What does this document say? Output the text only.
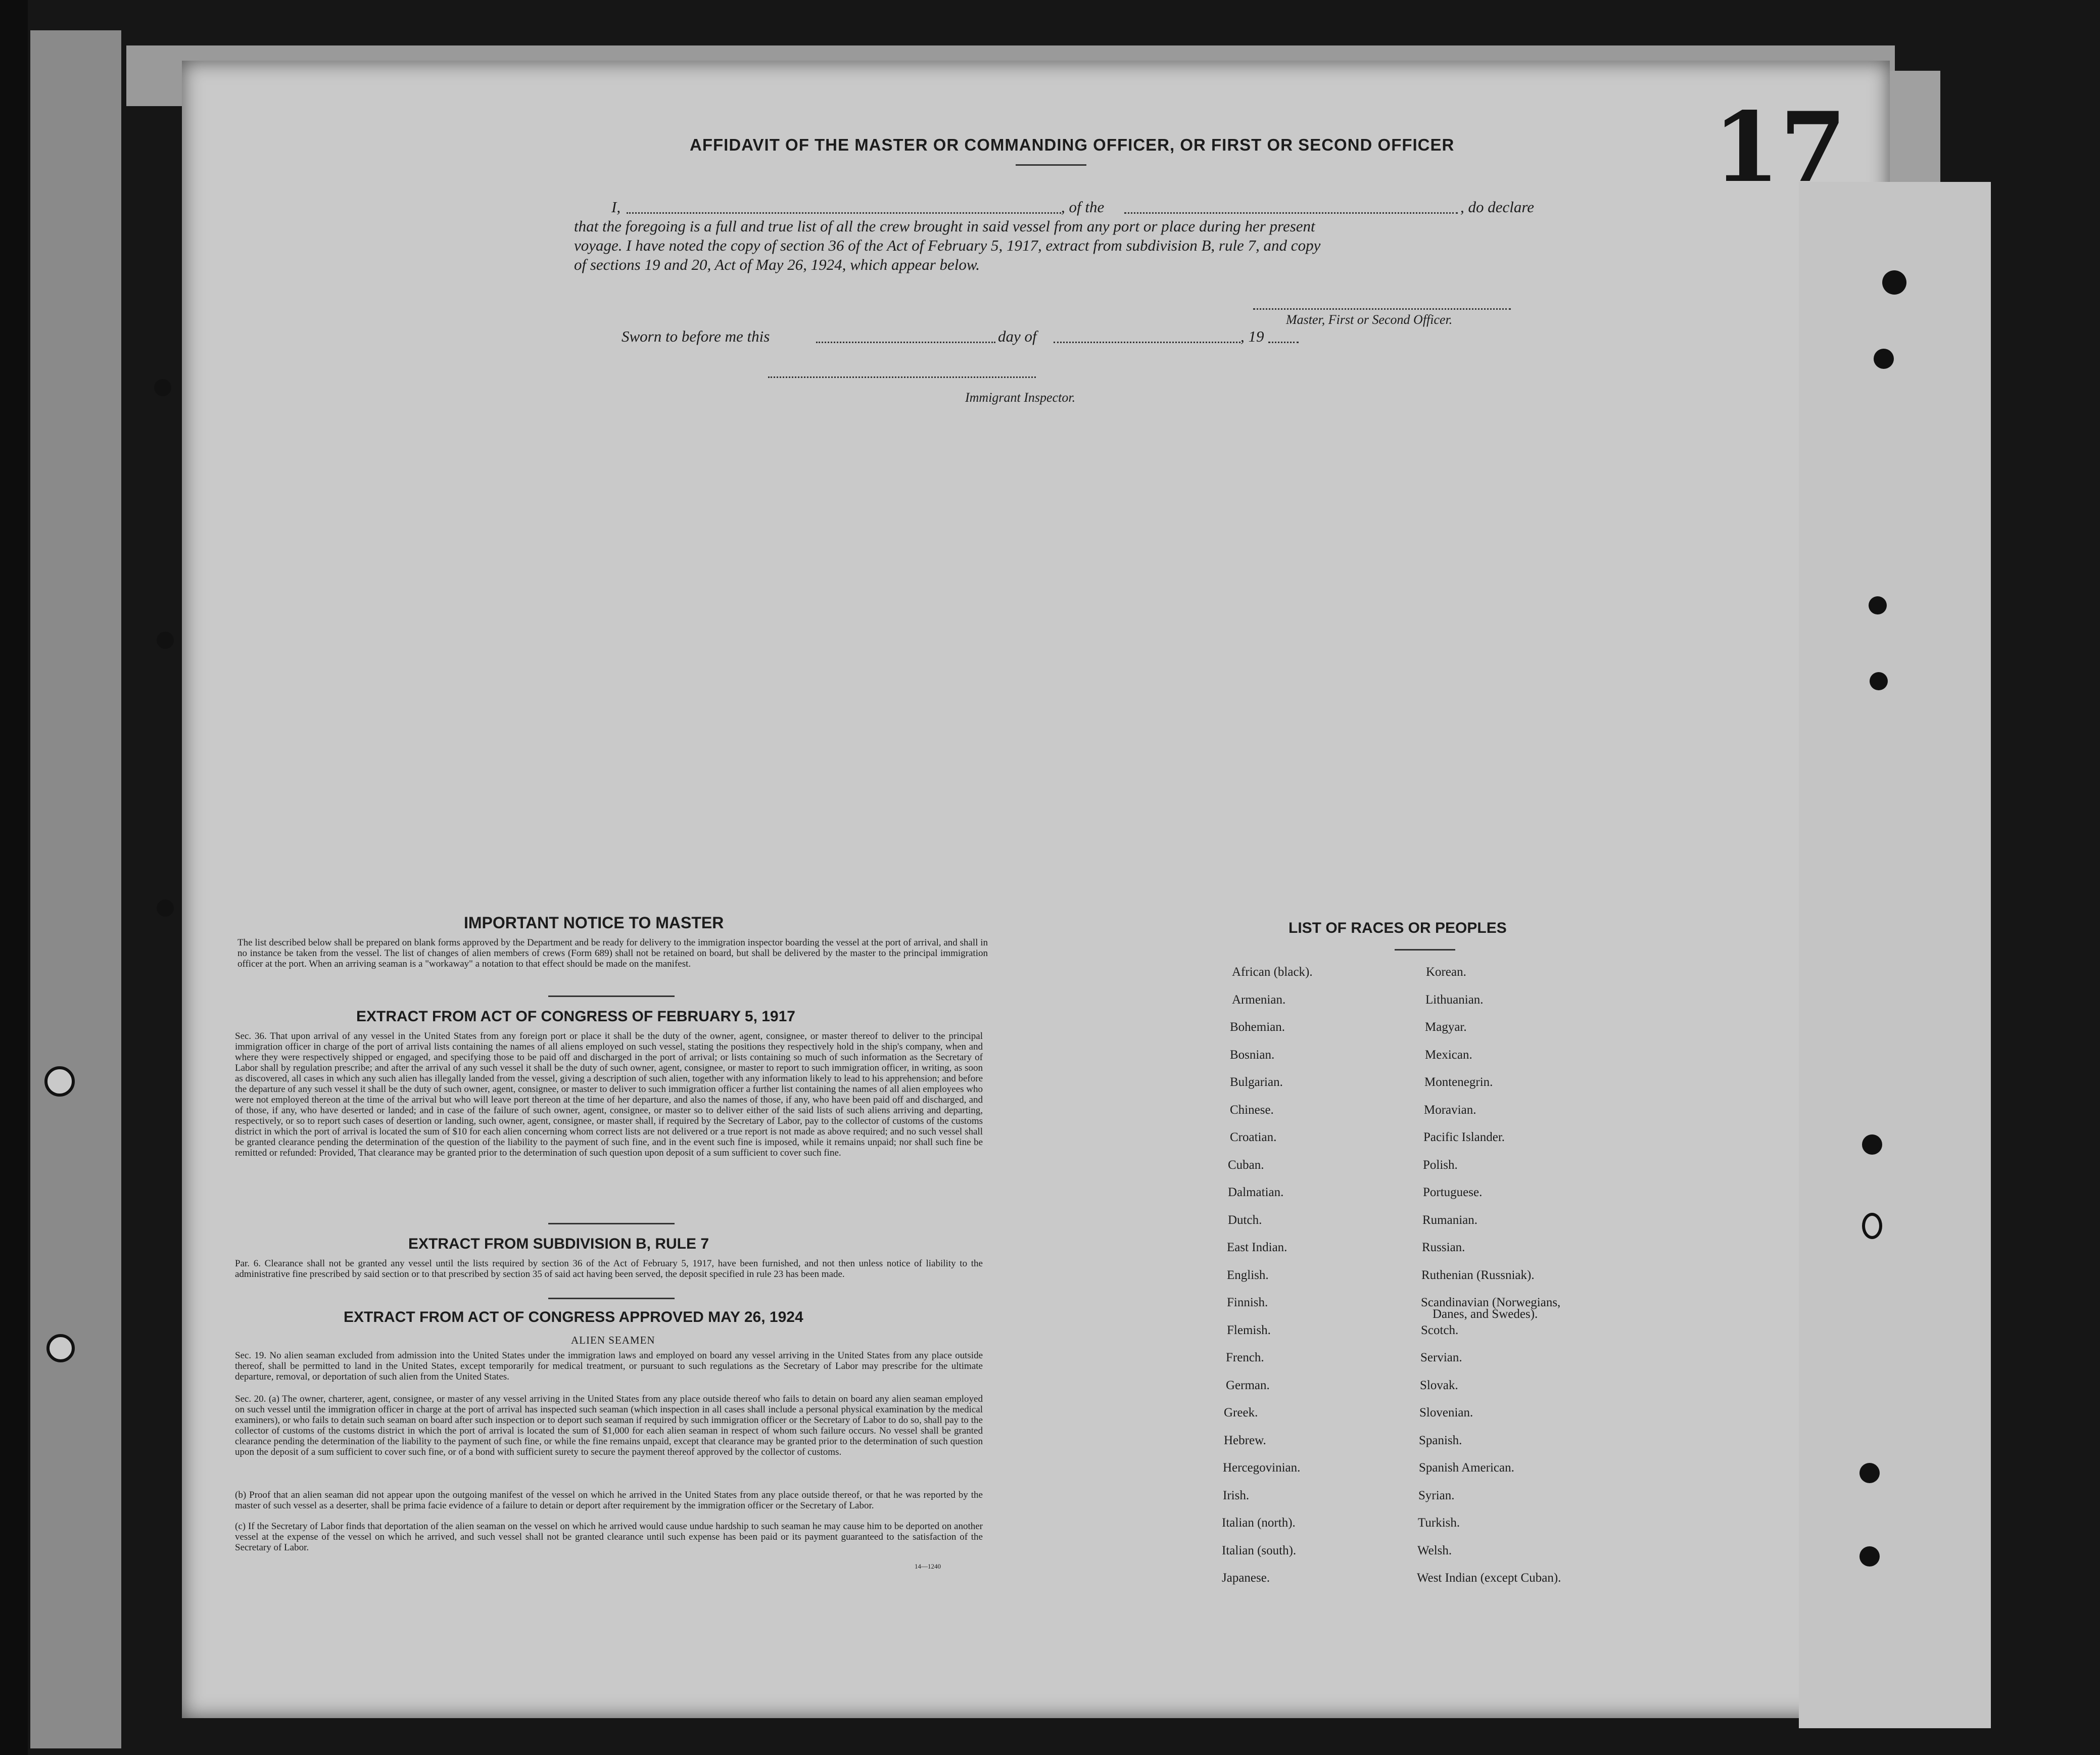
17
AFFIDAVIT OF THE MASTER OR COMMANDING OFFICER, OR FIRST OR SECOND OFFICER
I,	, of the	, do declare
that the foregoing is a full and true list of all the crew brought in said vessel from any port or place during her present
voyage. I have noted the copy of section 36 of the Act of February 5, 1917, extract from subdivision B, rule 7, and copy
of sections 19 and 20, Act of May 26, 1924, which appear below.
Master, First or Second Officer.
Sworn to before me this	day of	, 19
Immigrant Inspector.
IMPORTANT NOTICE TO MASTER
The list described below shall be prepared on blank forms approved by the Department and be ready for delivery to the immigration inspector boarding the vessel at the port of arrival, and shall in no instance be taken from the vessel. The list of changes of alien members of crews (Form 689) shall not be retained on board, but shall be delivered by the master to the principal immigration officer at the port. When an arriving seaman is a "workaway" a notation to that effect should be made on the manifest.
EXTRACT FROM ACT OF CONGRESS OF FEBRUARY 5, 1917
Sec. 36. That upon arrival of any vessel in the United States from any foreign port or place it shall be the duty of the owner, agent, consignee, or master thereof to deliver to the principal immigration officer in charge of the port of arrival lists containing the names of all aliens employed on such vessel, stating the positions they respectively hold in the ship's company, when and where they were respectively shipped or engaged, and specifying those to be paid off and discharged in the port of arrival; or lists containing so much of such information as the Secretary of Labor shall by regulation prescribe; and after the arrival of any such vessel it shall be the duty of such owner, agent, consignee, or master to report to such immigration officer, in writing, as soon as discovered, all cases in which any such alien has illegally landed from the vessel, giving a description of such alien, together with any information likely to lead to his apprehension; and before the departure of any such vessel it shall be the duty of such owner, agent, consignee, or master to deliver to such immigration officer a further list containing the names of all alien employees who were not employed thereon at the time of the arrival but who will leave port thereon at the time of her departure, and also the names of those, if any, who have been paid off and discharged, and of those, if any, who have deserted or landed; and in case of the failure of such owner, agent, consignee, or master so to deliver either of the said lists of such aliens arriving and departing, respectively, or so to report such cases of desertion or landing, such owner, agent, consignee, or master shall, if required by the Secretary of Labor, pay to the collector of customs of the customs district in which the port of arrival is located the sum of $10 for each alien concerning whom correct lists are not delivered or a true report is not made as above required; and no such vessel shall be granted clearance pending the determination of the question of the liability to the payment of such fine, and in the event such fine is imposed, while it remains unpaid; nor shall such fine be remitted or refunded: Provided, That clearance may be granted prior to the determination of such question upon deposit of a sum sufficient to cover such fine.
EXTRACT FROM SUBDIVISION B, RULE 7
Par. 6. Clearance shall not be granted any vessel until the lists required by section 36 of the Act of February 5, 1917, have been furnished, and not then unless notice of liability to the administrative fine prescribed by said section or to that prescribed by section 35 of said act having been served, the deposit specified in rule 23 has been made.
EXTRACT FROM ACT OF CONGRESS APPROVED MAY 26, 1924
ALIEN SEAMEN
Sec. 19. No alien seaman excluded from admission into the United States under the immigration laws and employed on board any vessel arriving in the United States from any place outside thereof, shall be permitted to land in the United States, except temporarily for medical treatment, or pursuant to such regulations as the Secretary of Labor may prescribe for the ultimate departure, removal, or deportation of such alien from the United States.
Sec. 20. (a) The owner, charterer, agent, consignee, or master of any vessel arriving in the United States from any place outside thereof who fails to detain on board any alien seaman employed on such vessel until the immigration officer in charge at the port of arrival has inspected such seaman (which inspection in all cases shall include a personal physical examination by the medical examiners), or who fails to detain such seaman on board after such inspection or to deport such seaman if required by such immigration officer or the Secretary of Labor to do so, shall pay to the collector of customs of the customs district in which the port of arrival is located the sum of $1,000 for each alien seaman in respect of whom such failure occurs. No vessel shall be granted clearance pending the determination of the liability to the payment of such fine, or while the fine remains unpaid, except that clearance may be granted prior to the determination of such question upon the deposit of a sum sufficient to cover such fine, or of a bond with sufficient surety to secure the payment thereof approved by the collector of customs.
(b) Proof that an alien seaman did not appear upon the outgoing manifest of the vessel on which he arrived in the United States from any place outside thereof, or that he was reported by the master of such vessel as a deserter, shall be prima facie evidence of a failure to detain or deport after requirement by the immigration officer or the Secretary of Labor.
(c) If the Secretary of Labor finds that deportation of the alien seaman on the vessel on which he arrived would cause undue hardship to such seaman he may cause him to be deported on another vessel at the expense of the vessel on which he arrived, and such vessel shall not be granted clearance until such expense has been paid or its payment guaranteed to the satisfaction of the Secretary of Labor.
14—1240
LIST OF RACES OR PEOPLES
African (black).
Armenian.
Bohemian.
Bosnian.
Bulgarian.
Chinese.
Croatian.
Cuban.
Dalmatian.
Dutch.
East Indian.
English.
Finnish.
Flemish.
French.
German.
Greek.
Hebrew.
Hercegovinian.
Irish.
Italian (north).
Italian (south).
Japanese.
Korean.
Lithuanian.
Magyar.
Mexican.
Montenegrin.
Moravian.
Pacific Islander.
Polish.
Portuguese.
Rumanian.
Russian.
Ruthenian (Russniak).
Scandinavian (Norwegians,
Scotch.
Servian.
Slovak.
Slovenian.
Spanish.
Spanish American.
Syrian.
Turkish.
Welsh.
West Indian (except Cuban).
Danes, and Swedes).
